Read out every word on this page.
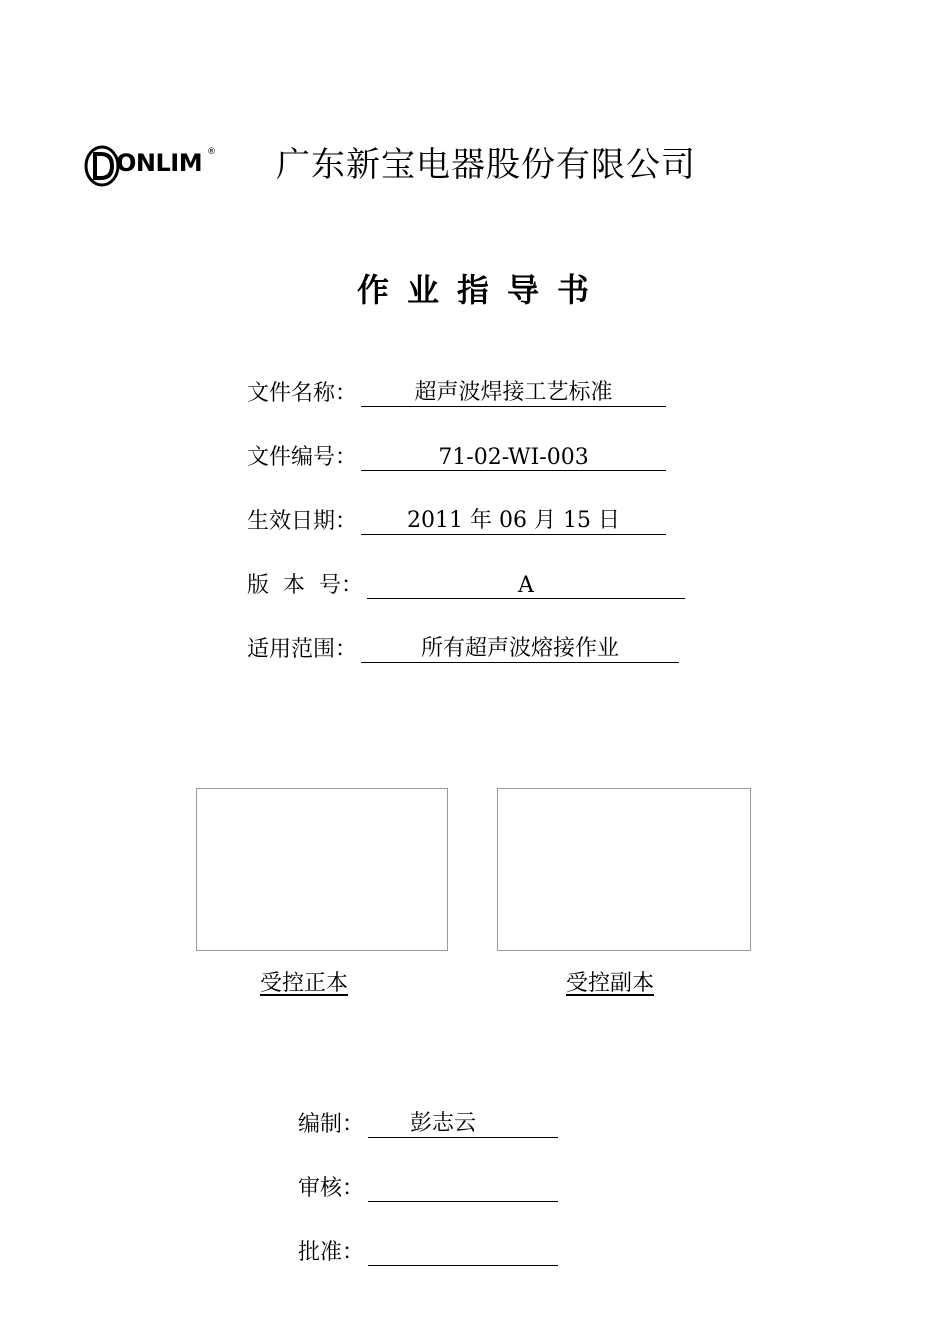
ONLIM ® 广东新宝电器股份有限公司
作业指导书
文件名称：	超声波焊接工艺标准
文件编号：	71-02-WI-003
生效日期：	2011 年 06 月 15 日
版  本  号：	A
适用范围：	所有超声波熔接作业
受控正本	受控副本
编制：	彭志云
审核：
批准：
